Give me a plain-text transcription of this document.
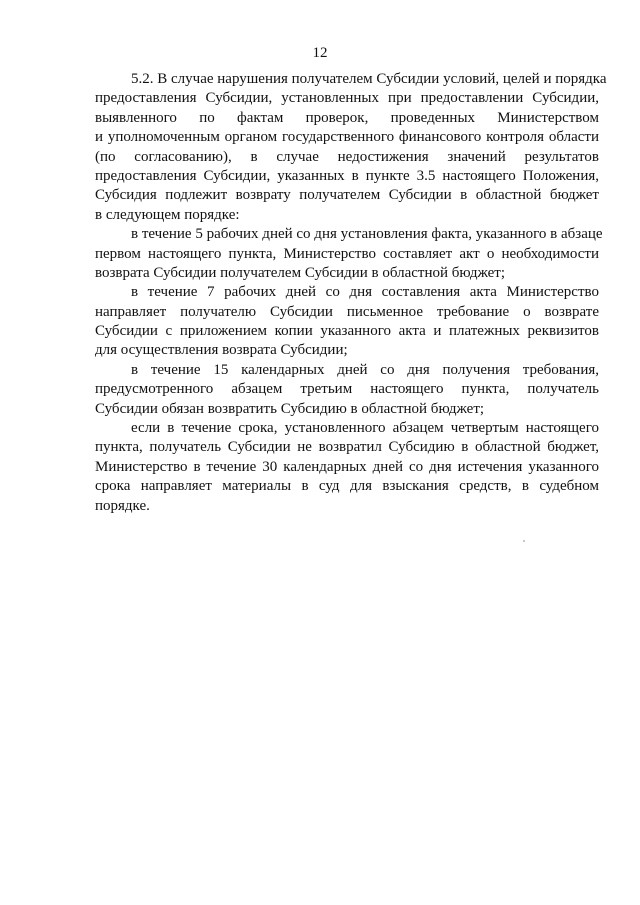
12
5.2. В случае нарушения получателем Субсидии условий, целей и порядка
предоставления Субсидии, установленных при предоставлении Субсидии,
выявленного по фактам проверок, проведенных Министерством
и уполномоченным органом государственного финансового контроля области
(по согласованию), в случае недостижения значений результатов
предоставления Субсидии, указанных в пункте 3.5 настоящего Положения,
Субсидия подлежит возврату получателем Субсидии в областной бюджет
в следующем порядке:
в течение 5 рабочих дней со дня установления факта, указанного в абзаце
первом настоящего пункта, Министерство составляет акт о необходимости
возврата Субсидии получателем Субсидии в областной бюджет;
в течение 7 рабочих дней со дня составления акта Министерство
направляет получателю Субсидии письменное требование о возврате
Субсидии с приложением копии указанного акта и платежных реквизитов
для осуществления возврата Субсидии;
в течение 15 календарных дней со дня получения требования,
предусмотренного абзацем третьим настоящего пункта, получатель
Субсидии обязан возвратить Субсидию в областной бюджет;
если в течение срока, установленного абзацем четвертым настоящего
пункта, получатель Субсидии не возвратил Субсидию в областной бюджет,
Министерство в течение 30 календарных дней со дня истечения указанного
срока направляет материалы в суд для взыскания средств, в судебном
порядке.
